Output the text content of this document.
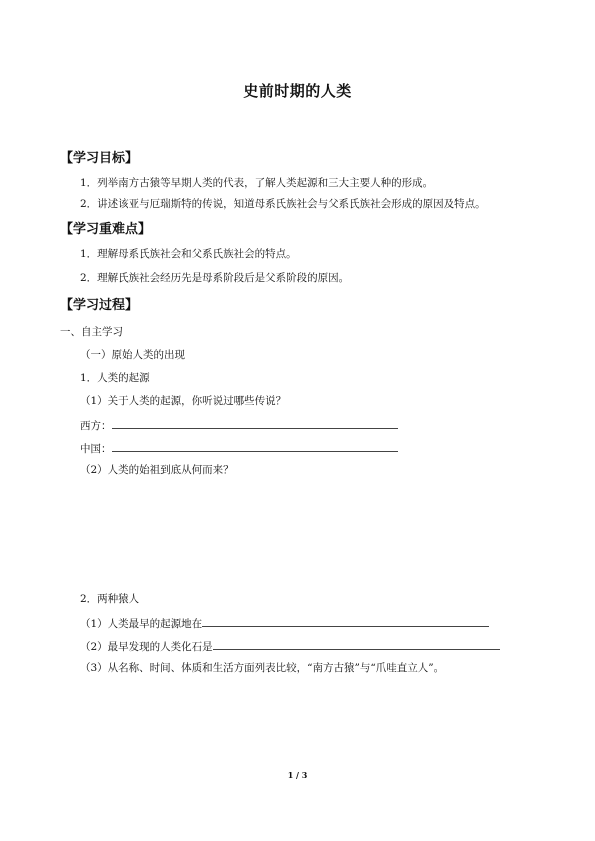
史前时期的人类
【学习目标】
1．列举南方古猿等早期人类的代表，了解人类起源和三大主要人种的形成。
2．讲述该亚与厄瑞斯特的传说，知道母系氏族社会与父系氏族社会形成的原因及特点。
【学习重难点】
1．理解母系氏族社会和父系氏族社会的特点。
2．理解氏族社会经历先是母系阶段后是父系阶段的原因。
【学习过程】
一、自主学习
（一）原始人类的出现
1．人类的起源
（1）关于人类的起源，你听说过哪些传说？
西方：
中国：
（2）人类的始祖到底从何而来？
2．两种猿人
（1）人类最早的起源地在
（2）最早发现的人类化石是
（3）从名称、时间、体质和生活方面列表比较，“南方古猿”与“爪哇直立人”。
1 / 3
